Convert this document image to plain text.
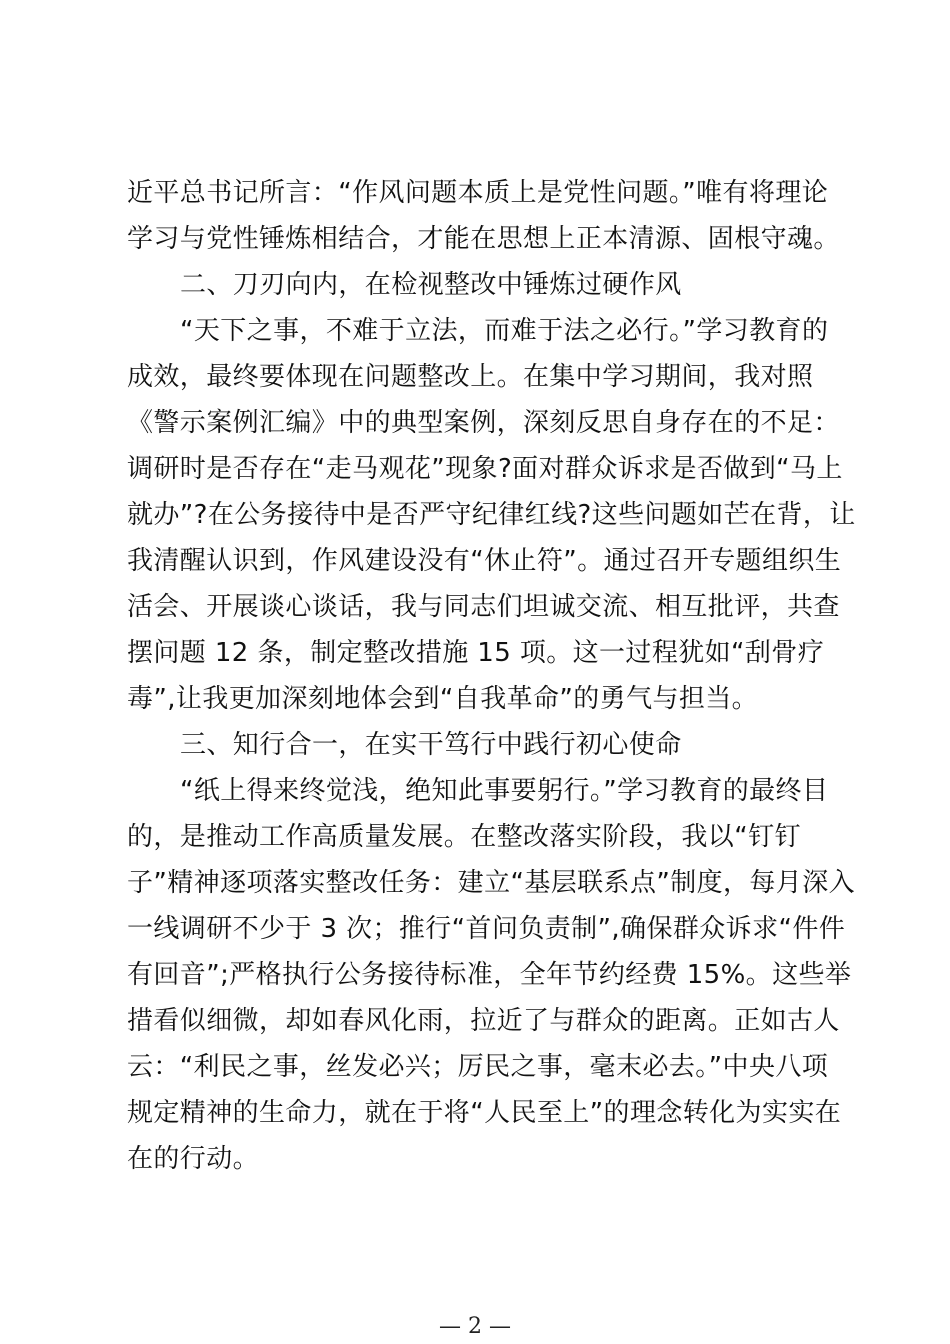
近平总书记所言：“作风问题本质上是党性问题。”唯有将理论
学习与党性锤炼相结合，才能在思想上正本清源、固根守魂。
二、刀刃向内，在检视整改中锤炼过硬作风
“天下之事，不难于立法，而难于法之必行。”学习教育的
成效，最终要体现在问题整改上。在集中学习期间，我对照
《警示案例汇编》中的典型案例，深刻反思自身存在的不足：
调研时是否存在“走马观花”现象?面对群众诉求是否做到“马上
就办”?在公务接待中是否严守纪律红线?这些问题如芒在背，让
我清醒认识到，作风建设没有“休止符”。通过召开专题组织生
活会、开展谈心谈话，我与同志们坦诚交流、相互批评，共查
摆问题 12 条，制定整改措施 15 项。这一过程犹如“刮骨疗
毒”,让我更加深刻地体会到“自我革命”的勇气与担当。
三、知行合一，在实干笃行中践行初心使命
“纸上得来终觉浅，绝知此事要躬行。”学习教育的最终目
的，是推动工作高质量发展。在整改落实阶段，我以“钉钉
子”精神逐项落实整改任务：建立“基层联系点”制度，每月深入
一线调研不少于 3 次；推行“首问负责制”,确保群众诉求“件件
有回音”;严格执行公务接待标准，全年节约经费 15%。这些举
措看似细微，却如春风化雨，拉近了与群众的距离。正如古人
云：“利民之事，丝发必兴；厉民之事，毫末必去。”中央八项
规定精神的生命力，就在于将“人民至上”的理念转化为实实在
在的行动。
— 2 —
